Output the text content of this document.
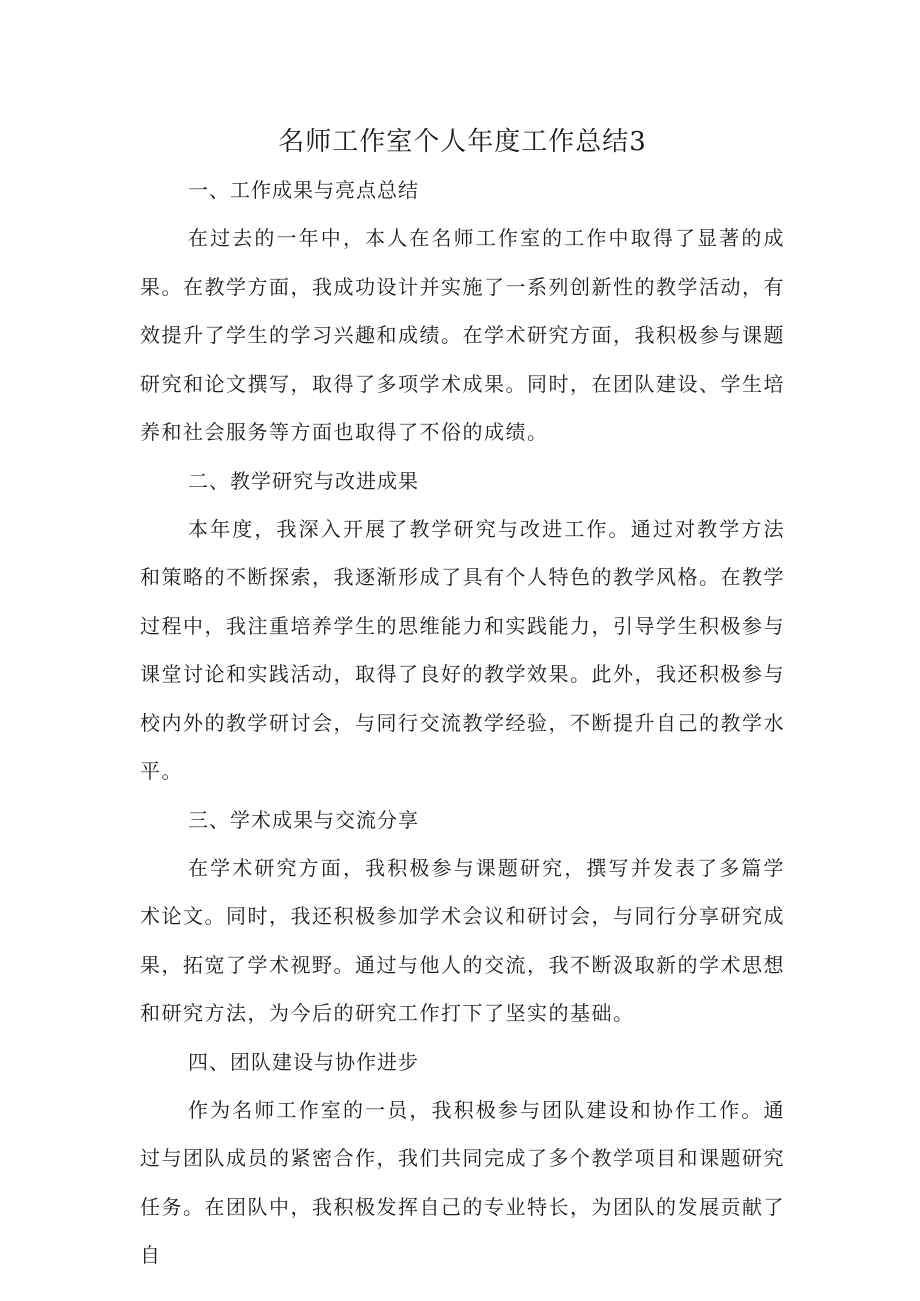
名师工作室个人年度工作总结3
一、工作成果与亮点总结

在过去的一年中，本人在名师工作室的工作中取得了显著的成果。在教学方面，我成功设计并实施了一系列创新性的教学活动，有效提升了学生的学习兴趣和成绩。在学术研究方面，我积极参与课题研究和论文撰写，取得了多项学术成果。同时，在团队建设、学生培养和社会服务等方面也取得了不俗的成绩。

二、教学研究与改进成果

本年度，我深入开展了教学研究与改进工作。通过对教学方法和策略的不断探索，我逐渐形成了具有个人特色的教学风格。在教学过程中，我注重培养学生的思维能力和实践能力，引导学生积极参与课堂讨论和实践活动，取得了良好的教学效果。此外，我还积极参与校内外的教学研讨会，与同行交流教学经验，不断提升自己的教学水平。

三、学术成果与交流分享

在学术研究方面，我积极参与课题研究，撰写并发表了多篇学术论文。同时，我还积极参加学术会议和研讨会，与同行分享研究成果，拓宽了学术视野。通过与他人的交流，我不断汲取新的学术思想和研究方法，为今后的研究工作打下了坚实的基础。

四、团队建设与协作进步

作为名师工作室的一员，我积极参与团队建设和协作工作。通过与团队成员的紧密合作，我们共同完成了多个教学项目和课题研究任务。在团队中，我积极发挥自己的专业特长，为团队的发展贡献了自
